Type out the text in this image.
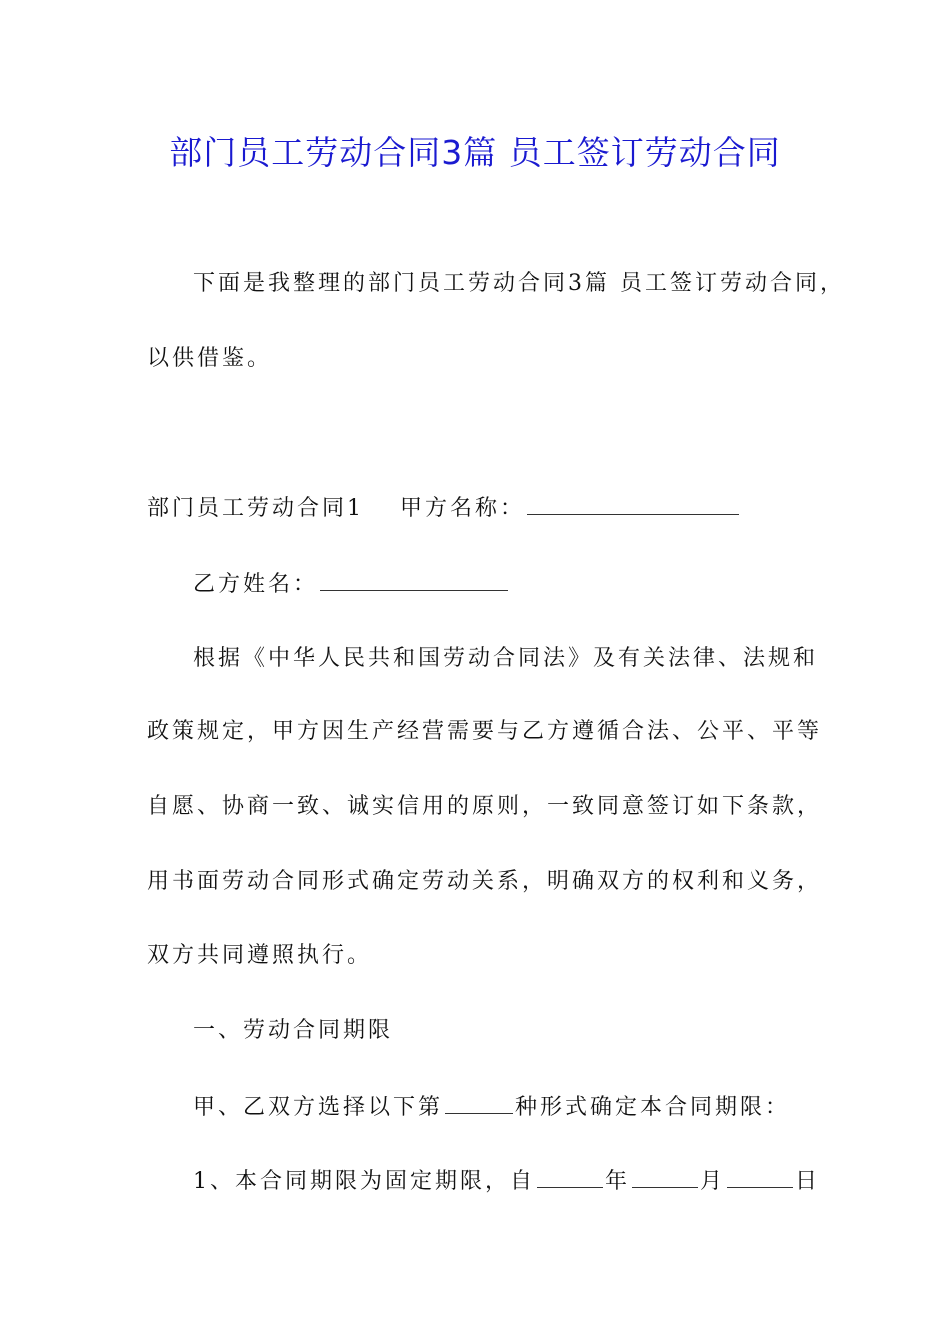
部门员工劳动合同3篇 员工签订劳动合同
下面是我整理的部门员工劳动合同3篇 员工签订劳动合同，
以供借鉴。
部门员工劳动合同1 甲方名称：
乙方姓名：
根据《中华人民共和国劳动合同法》及有关法律、法规和
政策规定，甲方因生产经营需要与乙方遵循合法、公平、平等
自愿、协商一致、诚实信用的原则，一致同意签订如下条款，
用书面劳动合同形式确定劳动关系，明确双方的权利和义务，
双方共同遵照执行。
一、劳动合同期限
甲、乙双方选择以下第	种形式确定本合同期限：
1、本合同期限为固定期限，自	年	月	日
